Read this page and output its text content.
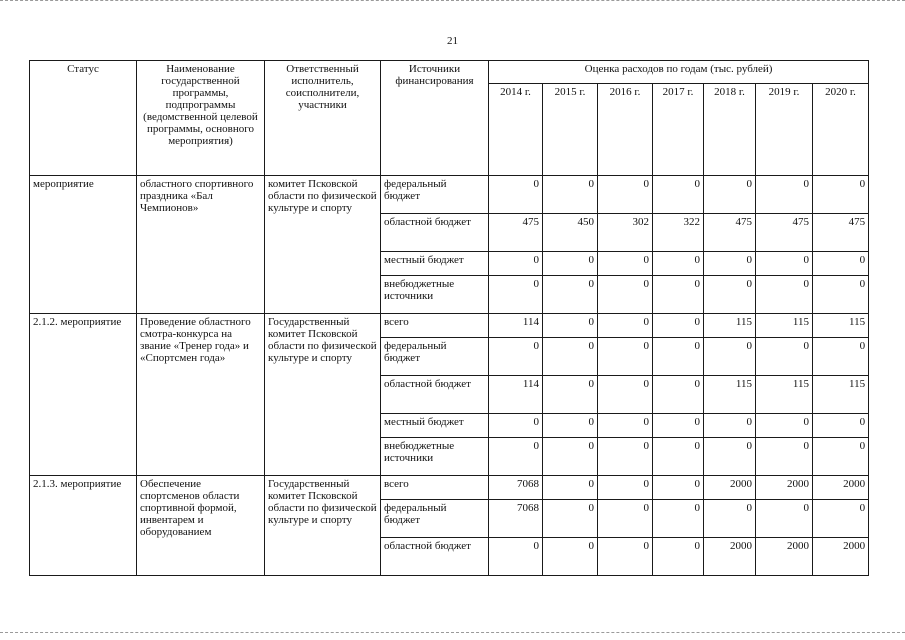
21
Статус	Наименование государственной программы, подпрограммы (ведомственной целевой программы, основного мероприятия)	Ответственный исполнитель, соисполнители, участники	Источники финансирования	Оценка расходов по годам (тыс. рублей)						
				2014 г.	2015 г.	2016 г.	2017 г.	2018 г.	2019 г.	2020 г.
мероприятие	областного спортивного праздника «Бал Чемпионов»	комитет Псковской области по физической культуре и спорту	федеральный бюджет	0	0	0	0	0	0	0
			областной бюджет	475	450	302	322	475	475	475
			местный бюджет	0	0	0	0	0	0	0
			внебюджетные источники	0	0	0	0	0	0	0
2.1.2. мероприятие	Проведение областного смотра-конкурса на звание «Тренер года» и «Спортсмен года»	Государственный комитет Псковской области по физической культуре и спорту	всего	114	0	0	0	115	115	115
			федеральный бюджет	0	0	0	0	0	0	0
			областной бюджет	114	0	0	0	115	115	115
			местный бюджет	0	0	0	0	0	0	0
			внебюджетные источники	0	0	0	0	0	0	0
2.1.3. мероприятие	Обеспечение спортсменов области спортивной формой, инвентарем и оборудованием	Государственный комитет Псковской области по физической культуре и спорту	всего	7068	0	0	0	2000	2000	2000
			федеральный бюджет	7068	0	0	0	0	0	0
			областной бюджет	0	0	0	0	2000	2000	2000
